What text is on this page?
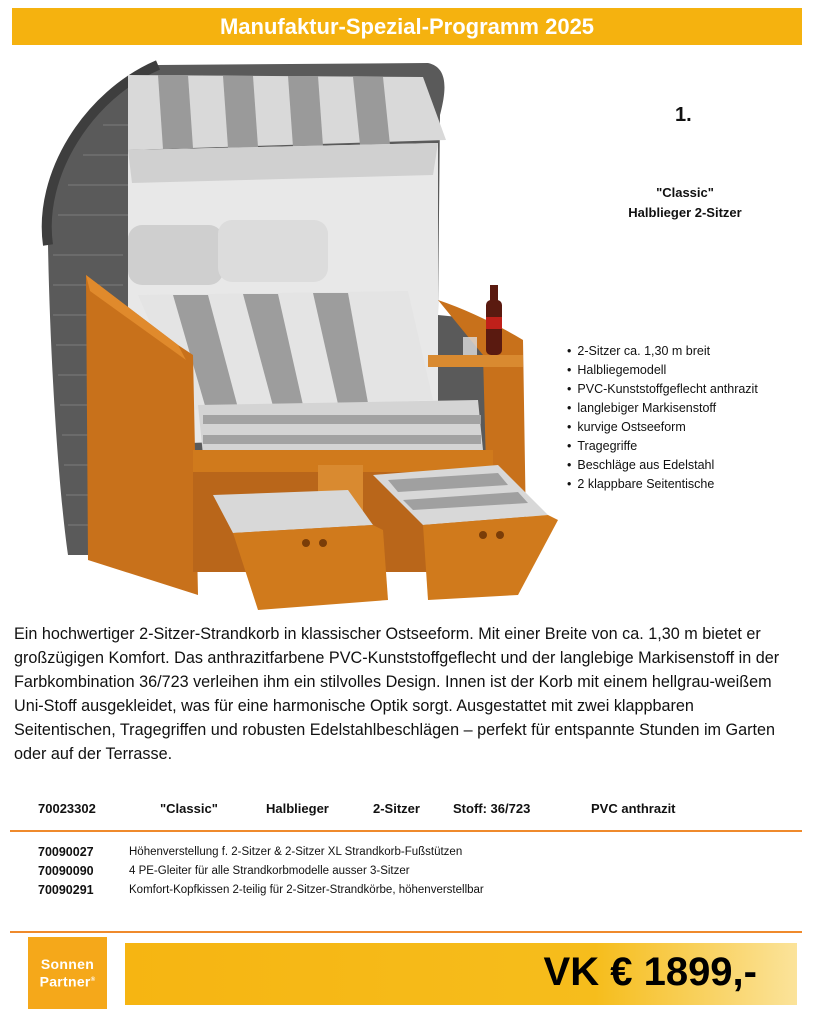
Manufaktur-Spezial-Programm 2025
1.
"Classic"
Halblieger 2-Sitzer
• 2-Sitzer ca. 1,30 m breit
• Halbliegemodell
• PVC-Kunststoffgeflecht anthrazit
• langlebiger Markisenstoff
• kurvige Ostseeform
• Tragegriffe
• Beschläge aus Edelstahl
• 2 klappbare Seitentische

Ein hochwertiger 2-Sitzer-Strandkorb in klassischer Ostseeform. Mit einer Breite von ca. 1,30 m bietet er großzügigen Komfort. Das anthrazitfarbene PVC-Kunststoffgeflecht und der langlebige Markisenstoff in der Farbkombination 36/723 verleihen ihm ein stilvolles Design. Innen ist der Korb mit einem hellgrau-weißem Uni-Stoff ausgekleidet, was für eine harmonische Optik sorgt. Ausgestattet mit zwei klappbaren Seitentischen, Tragegriffen und robusten Edelstahlbeschlägen – perfekt für entspannte Stunden im Garten oder auf der Terrasse.

70023302	"Classic"	Halblieger	2-Sitzer	Stoff: 36/723	PVC anthrazit
70090027	Höhenverstellung f. 2-Sitzer & 2-Sitzer XL Strandkorb-Fußstützen
70090090	4 PE-Gleiter für alle Strandkorbmodelle ausser 3-Sitzer
70090291	Komfort-Kopfkissen 2-teilig für 2-Sitzer-Strandkörbe, höhenverstellbar
Sonnen
Partner®	VK € 1899,-
